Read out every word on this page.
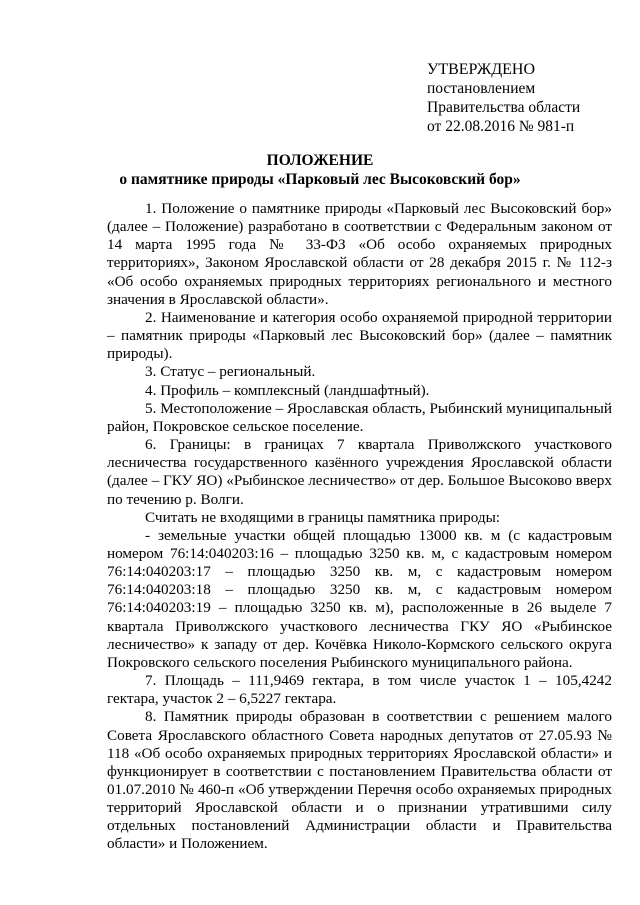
УТВЕРЖДЕНО
постановлением
Правительства области
от 22.08.2016 № 981-п
ПОЛОЖЕНИЕ
о памятнике природы «Парковый лес Высоковский бор»

1. Положение о памятнике природы «Парковый лес Высоковский бор» (далее – Положение) разработано в соответствии с Федеральным законом от 14 марта 1995 года № 33-ФЗ «Об особо охраняемых природных территориях», Законом Ярославской области от 28 декабря 2015 г. № 112-з «Об особо охраняемых природных территориях регионального и местного значения в Ярославской области».

2. Наименование и категория особо охраняемой природной территории – памятник природы «Парковый лес Высоковский бор» (далее – памятник природы).

3. Статус – региональный.

4. Профиль – комплексный (ландшафтный).

5. Местоположение – Ярославская область, Рыбинский муниципальный район, Покровское сельское поселение.

6. Границы: в границах 7 квартала Приволжского участкового лесничества государственного казённого учреждения Ярославской области (далее – ГКУ ЯО) «Рыбинское лесничество» от дер. Большое Высоково вверх по течению р. Волги.

Считать не входящими в границы памятника природы:

- земельные участки общей площадью 13000 кв. м (с кадастровым номером 76:14:040203:16 – площадью 3250 кв. м, с кадастровым номером 76:14:040203:17 – площадью 3250 кв. м, с кадастровым номером 76:14:040203:18 – площадью 3250 кв. м, с кадастровым номером 76:14:040203:19 – площадью 3250 кв. м), расположенные в 26 выделе 7 квартала Приволжского участкового лесничества ГКУ ЯО «Рыбинское лесничество» к западу от дер. Кочёвка Николо-Кормского сельского округа Покровского сельского поселения Рыбинского муниципального района.

7. Площадь – 111,9469 гектара, в том числе участок 1 – 105,4242 гектара, участок 2 – 6,5227 гектара.

8. Памятник природы образован в соответствии с решением малого Совета Ярославского областного Совета народных депутатов от 27.05.93 № 118 «Об особо охраняемых природных территориях Ярославской области» и функционирует в соответствии с постановлением Правительства области от 01.07.2010 № 460-п «Об утверждении Перечня особо охраняемых природных территорий Ярославской области и о признании утратившими силу отдельных постановлений Администрации области и Правительства области» и Положением.
